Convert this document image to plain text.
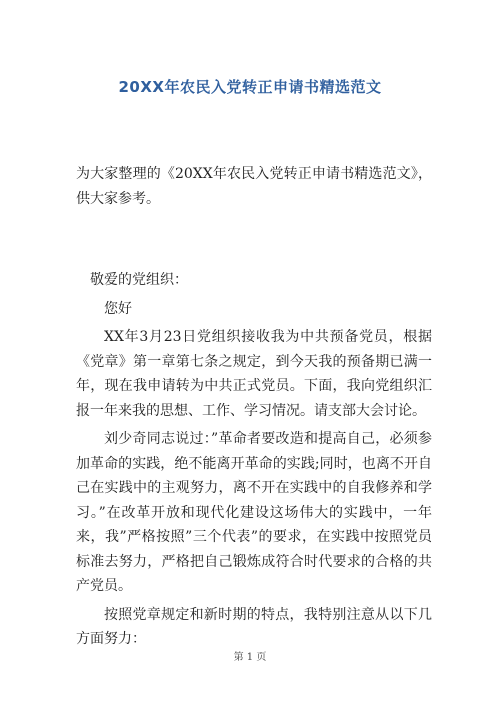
20XX年农民入党转正申请书精选范文

为大家整理的《20XX年农民入党转正申请书精选范文》，供大家参考。

敬爱的党组织：

您好

XX年3月23日党组织接收我为中共预备党员，根据《党章》第一章第七条之规定，到今天我的预备期已满一年，现在我申请转为中共正式党员。下面，我向党组织汇报一年来我的思想、工作、学习情况。请支部大会讨论。

刘少奇同志说过：”革命者要改造和提高自己，必须参加革命的实践，绝不能离开革命的实践;同时，也离不开自己在实践中的主观努力，离不开在实践中的自我修养和学习。”在改革开放和现代化建设这场伟大的实践中，一年来，我”严格按照”三个代表”的要求，在实践中按照党员标准去努力，严格把自己锻炼成符合时代要求的合格的共产党员。

按照党章规定和新时期的特点，我特别注意从以下几方面努力：

第 1 页
